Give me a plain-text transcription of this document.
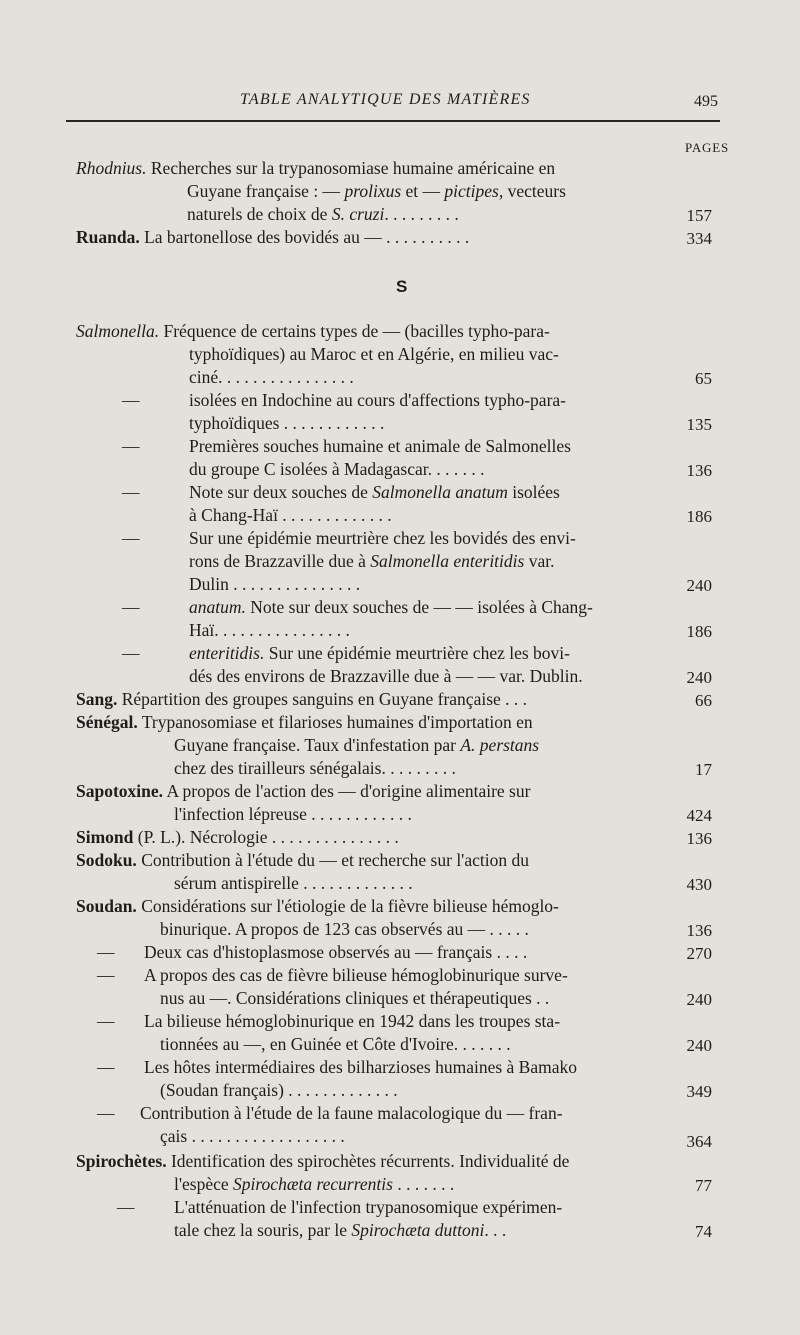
TABLE ANALYTIQUE DES MATIÈRES	495
PAGES
Rhodnius. Recherches sur la trypanosomiase humaine américaine en
Guyane française : — prolixus et — pictipes, vecteurs
naturels de choix de S. cruzi. . . . . . . . .	157
Ruanda. La bartonellose des bovidés au — . . . . . . . . . .	334
S
Salmonella. Fréquence de certains types de — (bacilles typho-para-
typhoïdiques) au Maroc et en Algérie, en milieu vac-
ciné. . . . . . . . . . . . . . . .	65
—	isolées en Indochine au cours d'affections typho-para-
typhoïdiques . . . . . . . . . . . .	135
—	Premières souches humaine et animale de Salmonelles
du groupe C isolées à Madagascar. . . . . . .	136
—	Note sur deux souches de Salmonella anatum isolées
à Chang-Haï . . . . . . . . . . . . .	186
—	Sur une épidémie meurtrière chez les bovidés des envi-
rons de Brazzaville due à Salmonella enteritidis var.
Dulin . . . . . . . . . . . . . . .	240
—	anatum. Note sur deux souches de — — isolées à Chang-
Haï. . . . . . . . . . . . . . . .	186
—	enteritidis. Sur une épidémie meurtrière chez les bovi-
dés des environs de Brazzaville due à — — var. Dublin.	240
Sang. Répartition des groupes sanguins en Guyane française . . .	66
Sénégal. Trypanosomiase et filarioses humaines d'importation en
Guyane française. Taux d'infestation par A. perstans
chez des tirailleurs sénégalais. . . . . . . . .	17
Sapotoxine. A propos de l'action des — d'origine alimentaire sur
l'infection lépreuse . . . . . . . . . . . .	424
Simond (P. L.). Nécrologie . . . . . . . . . . . . . . .	136
Sodoku. Contribution à l'étude du — et recherche sur l'action du
sérum antispirelle . . . . . . . . . . . . .	430
Soudan. Considérations sur l'étiologie de la fièvre bilieuse hémoglo-
binurique. A propos de 123 cas observés au — . . . . .	136
— Deux cas d'histoplasmose observés au — français . . . .	270
— A propos des cas de fièvre bilieuse hémoglobinurique surve-
nus au —. Considérations cliniques et thérapeutiques . .	240
— La bilieuse hémoglobinurique en 1942 dans les troupes sta-
tionnées au —, en Guinée et Côte d'Ivoire. . . . . . .	240
— Les hôtes intermédiaires des bilharzioses humaines à Bamako
(Soudan français) . . . . . . . . . . . . .	349
— Contribution à l'étude de la faune malacologique du — fran-
çais . . . . . . . . . . . . . . . . . .	364
Spirochètes. Identification des spirochètes récurrents. Individualité de
l'espèce Spirochæta recurrentis . . . . . . .	77
— L'atténuation de l'infection trypanosomique expérimen-
tale chez la souris, par le Spirochæta duttoni. . .	74
